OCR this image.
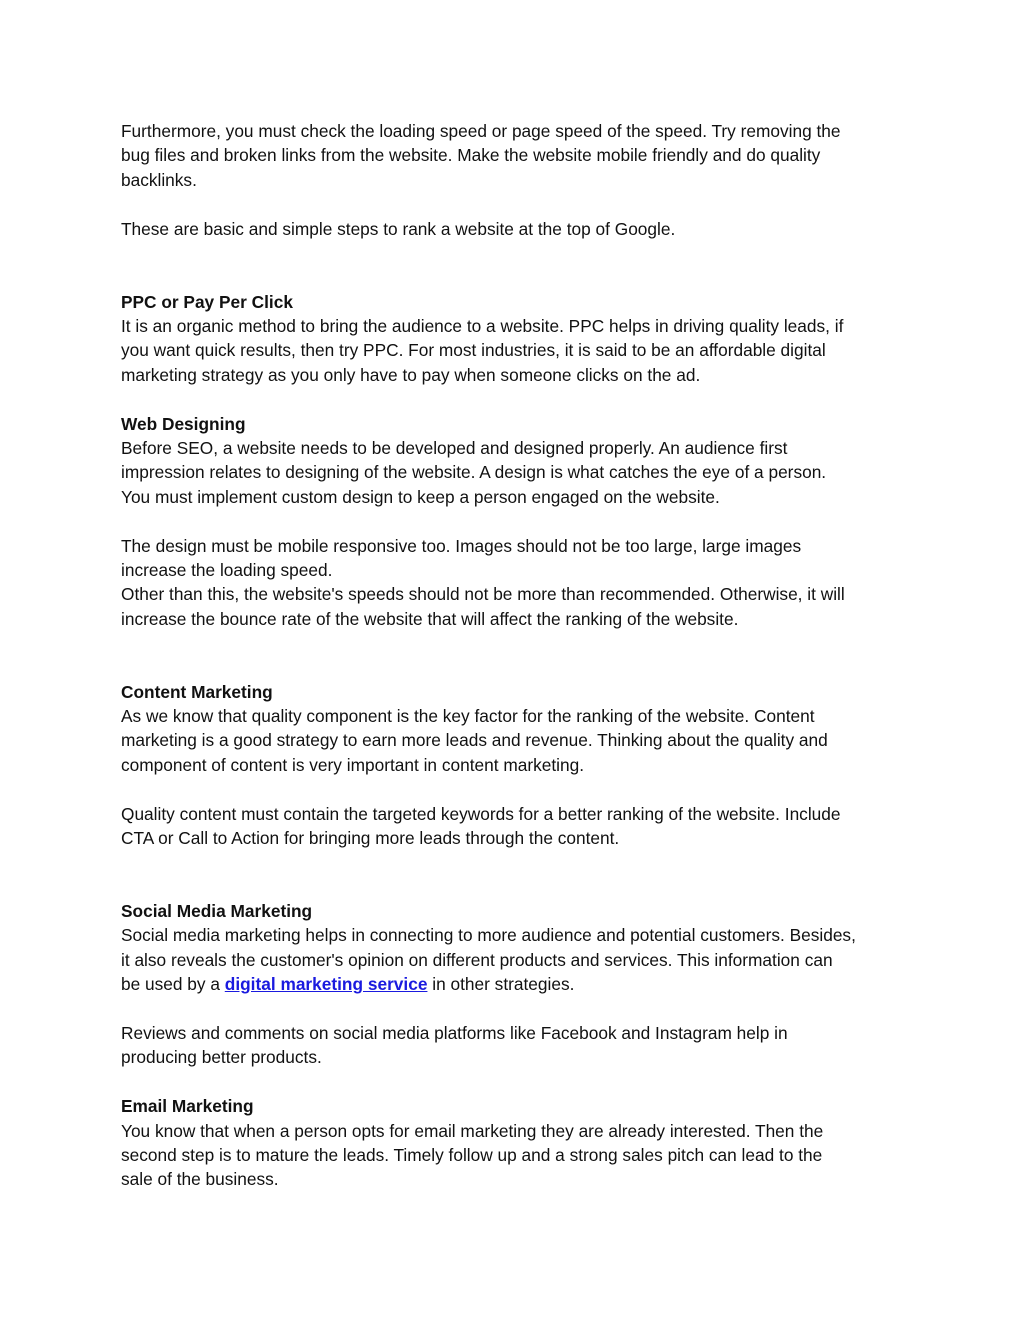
Furthermore, you must check the loading speed or page speed of the speed. Try removing the
bug files and broken links from the website. Make the website mobile friendly and do quality
backlinks.
These are basic and simple steps to rank a website at the top of Google.
PPC or Pay Per Click
It is an organic method to bring the audience to a website. PPC helps in driving quality leads, if
you want quick results, then try PPC. For most industries, it is said to be an affordable digital
marketing strategy as you only have to pay when someone clicks on the ad.
Web Designing
Before SEO, a website needs to be developed and designed properly. An audience first
impression relates to designing of the website. A design is what catches the eye of a person.
You must implement custom design to keep a person engaged on the website.
The design must be mobile responsive too. Images should not be too large, large images
increase the loading speed.
Other than this, the website's speeds should not be more than recommended. Otherwise, it will
increase the bounce rate of the website that will affect the ranking of the website.
Content Marketing
As we know that quality component is the key factor for the ranking of the website. Content
marketing is a good strategy to earn more leads and revenue. Thinking about the quality and
component of content is very important in content marketing.
Quality content must contain the targeted keywords for a better ranking of the website. Include
CTA or Call to Action for bringing more leads through the content.
Social Media Marketing
Social media marketing helps in connecting to more audience and potential customers. Besides,
it also reveals the customer's opinion on different products and services. This information can
be used by a digital marketing service in other strategies.
Reviews and comments on social media platforms like Facebook and Instagram help in
producing better products.
Email Marketing
You know that when a person opts for email marketing they are already interested. Then the
second step is to mature the leads. Timely follow up and a strong sales pitch can lead to the
sale of the business.
